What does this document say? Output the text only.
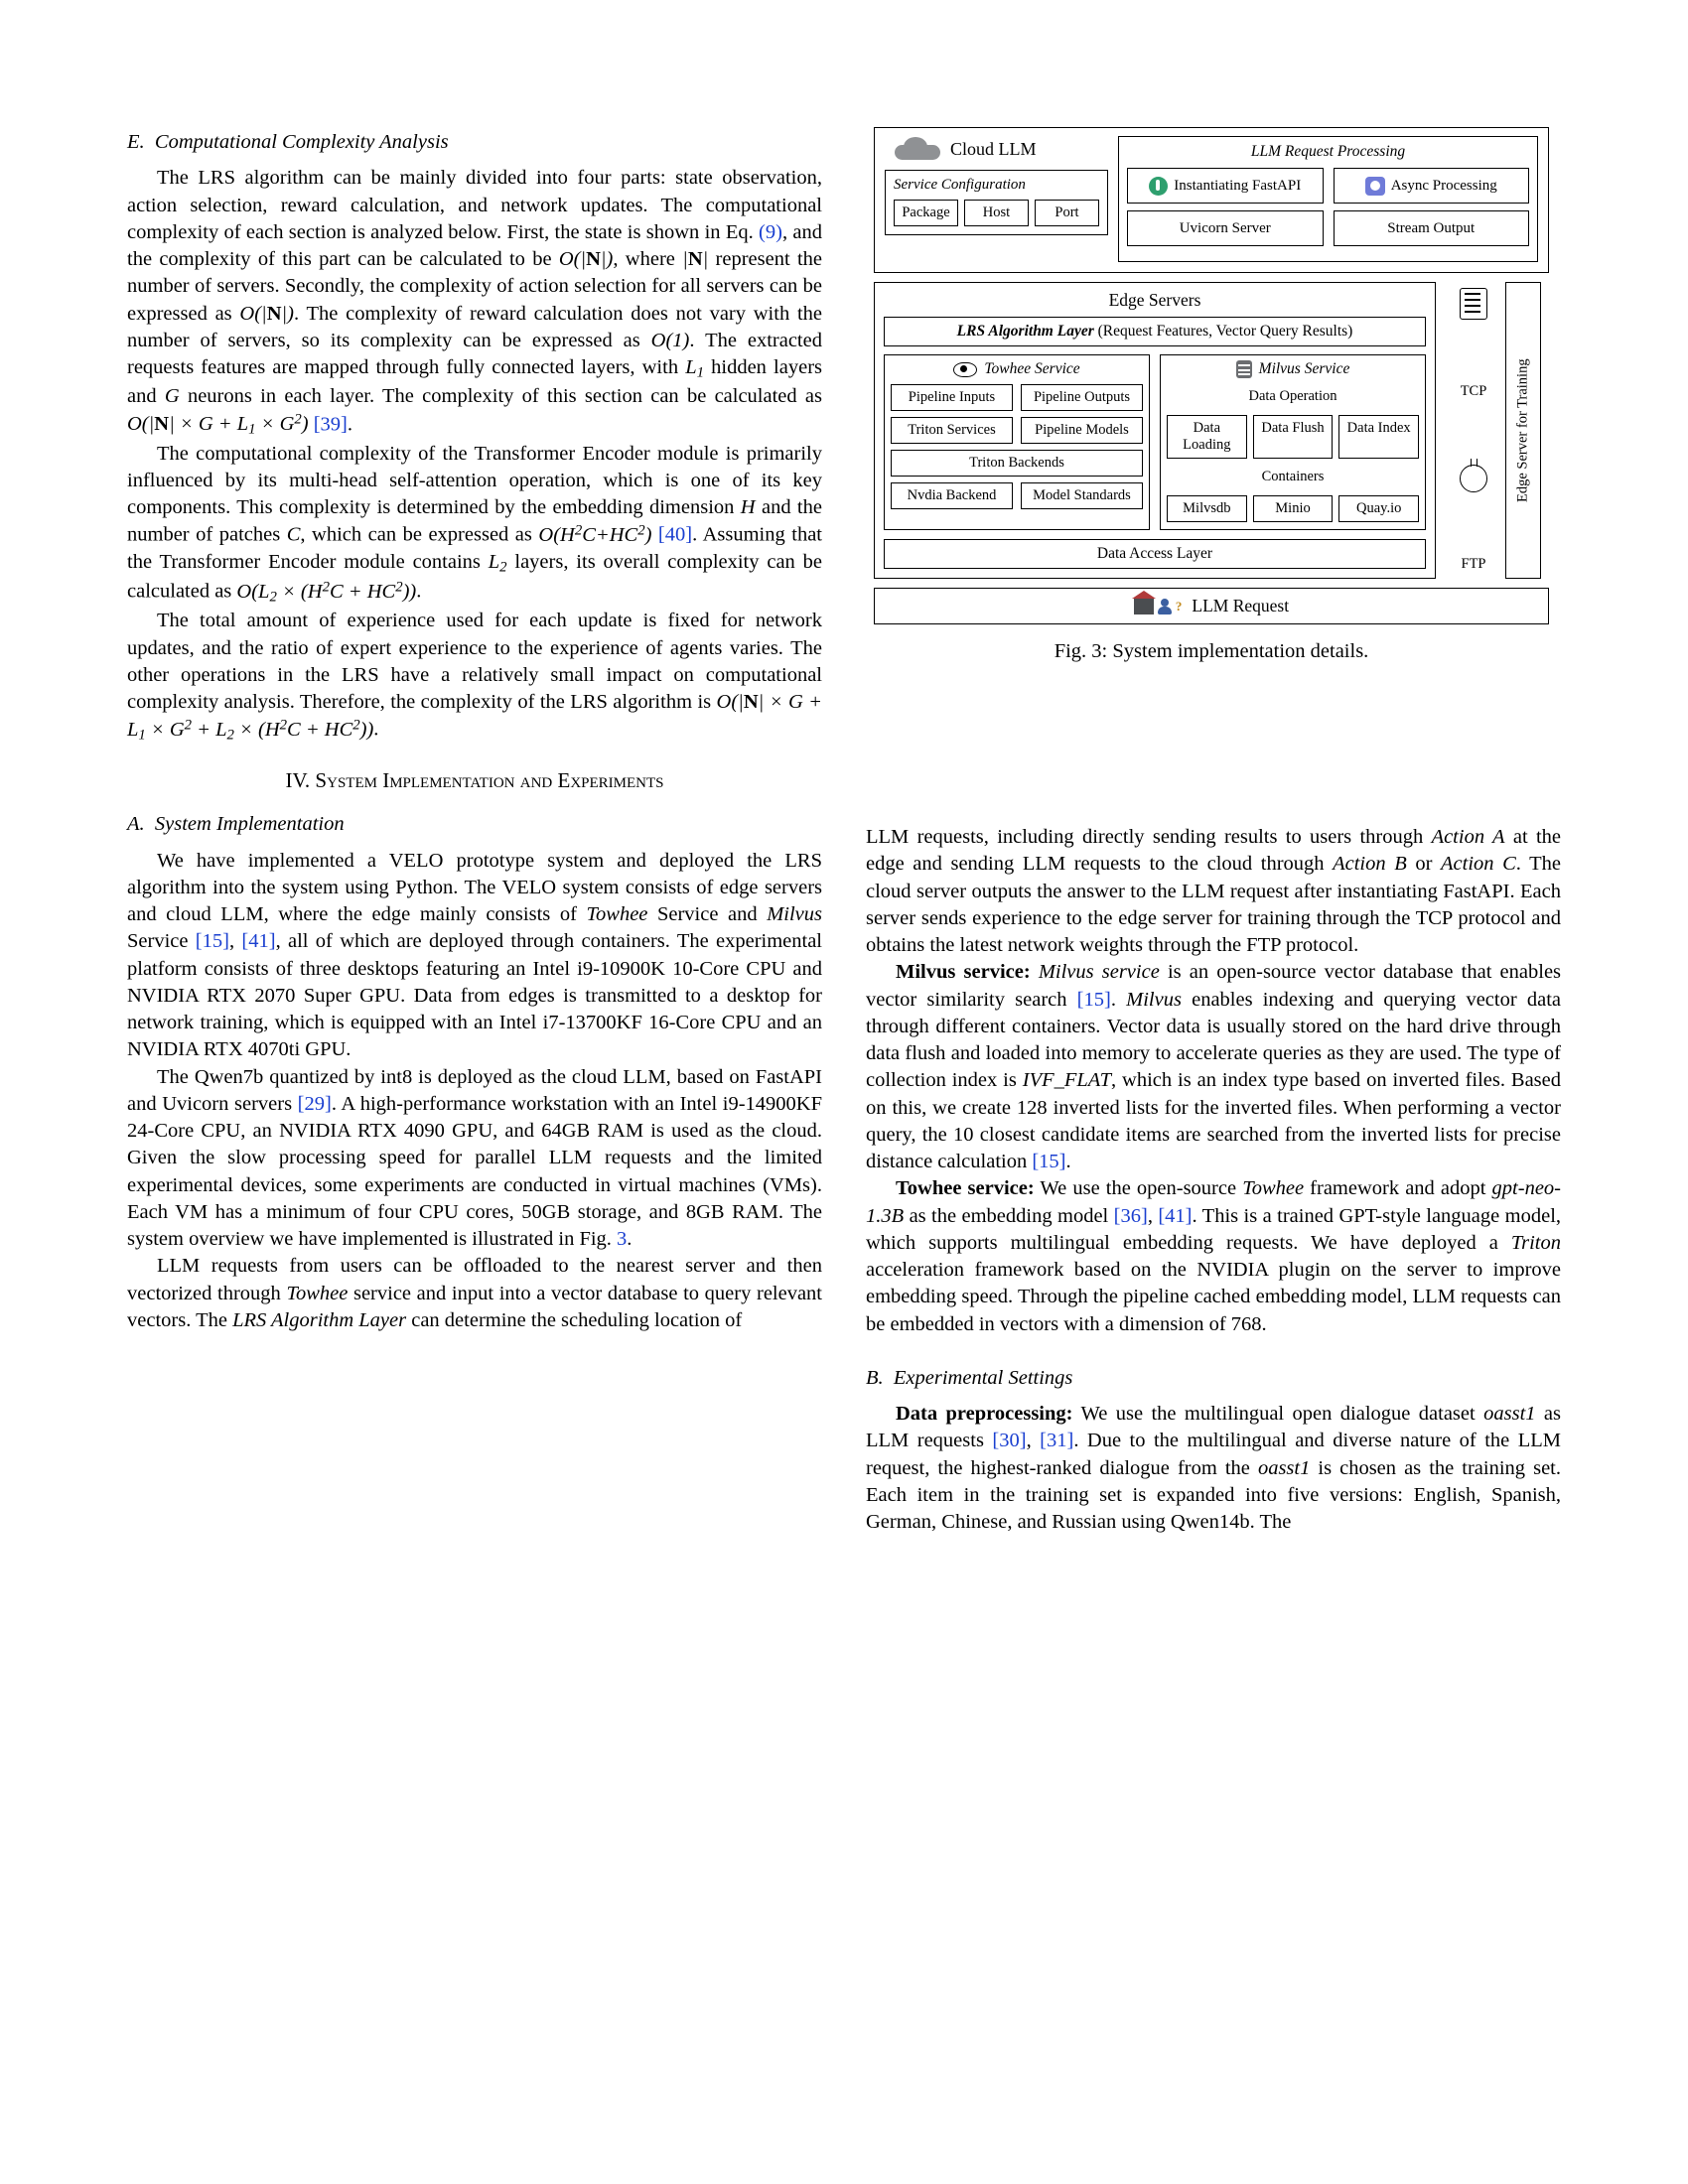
E. Computational Complexity Analysis

The LRS algorithm can be mainly divided into four parts: state observation, action selection, reward calculation, and network updates. The computational complexity of each section is analyzed below. First, the state is shown in Eq. (9), and the complexity of this part can be calculated to be O(|N|), where |N| represent the number of servers. Secondly, the complexity of action selection for all servers can be expressed as O(|N|). The complexity of reward calculation does not vary with the number of servers, so its complexity can be expressed as O(1). The extracted requests features are mapped through fully connected layers, with $L_1$ hidden layers and G neurons in each layer. The complexity of this section can be calculated as $O(|N| \times G + L_1 \times G^2)$ [39].

The computational complexity of the Transformer Encoder module is primarily influenced by its multi-head self-attention operation, which is one of its key components. This complexity is determined by the embedding dimension H and the number of patches C, which can be expressed as $O(H^2C+HC^2)$ [40]. Assuming that the Transformer Encoder module contains $L_2$ layers, its overall complexity can be calculated as $O(L_2 \times (H^2C + HC^2))$.

The total amount of experience used for each update is fixed for network updates, and the ratio of expert experience to the experience of agents varies. The other operations in the LRS have a relatively small impact on computational complexity analysis. Therefore, the complexity of the LRS algorithm is $O(|N| \times G + L_1 \times G^2 + L_2 \times (H^2C + HC^2))$.

IV. System Implementation and Experiments
A. System Implementation

We have implemented a VELO prototype system and deployed the LRS algorithm into the system using Python. The VELO system consists of edge servers and cloud LLM, where the edge mainly consists of Towhee Service and Milvus Service [15], [41], all of which are deployed through containers. The experimental platform consists of three desktops featuring an Intel i9-10900K 10-Core CPU and NVIDIA RTX 2070 Super GPU. Data from edges is transmitted to a desktop for network training, which is equipped with an Intel i7-13700KF 16-Core CPU and an NVIDIA RTX 4070ti GPU.

The Qwen7b quantized by int8 is deployed as the cloud LLM, based on FastAPI and Uvicorn servers [29]. A high-performance workstation with an Intel i9-14900KF 24-Core CPU, an NVIDIA RTX 4090 GPU, and 64GB RAM is used as the cloud. Given the slow processing speed for parallel LLM requests and the limited experimental devices, some experiments are conducted in virtual machines (VMs). Each VM has a minimum of four CPU cores, 50GB storage, and 8GB RAM. The system overview we have implemented is illustrated in Fig. 3.

LLM requests from users can be offloaded to the nearest server and then vectorized through Towhee service and input into a vector database to query relevant vectors. The LRS Algorithm Layer can determine the scheduling location of

Cloud LLM
Service Configuration
Package	Host	Port
LLM Request Processing
Instantiating FastAPI	Async Processing
Uvicorn Server	Stream Output
Edge Servers
LRS Algorithm Layer (Request Features, Vector Query Results)
Towhee Service
Pipeline Inputs	Pipeline Outputs
Triton Services	Pipeline Models
Triton Backends
Nvdia Backend	Model Standards
Milvus Service
Data Operation
Data Loading
Data Flush	Data Index
Containers
Milvsdb	Minio	Quay.io
Data Access Layer
TCP
FTP
Edge Server for Training
? LLM Request
Fig. 3: System implementation details.

LLM requests, including directly sending results to users through Action A at the edge and sending LLM requests to the cloud through Action B or Action C. The cloud server outputs the answer to the LLM request after instantiating FastAPI. Each server sends experience to the edge server for training through the TCP protocol and obtains the latest network weights through the FTP protocol.

Milvus service: Milvus service is an open-source vector database that enables vector similarity search [15]. Milvus enables indexing and querying vector data through different containers. Vector data is usually stored on the hard drive through data flush and loaded into memory to accelerate queries as they are used. The type of collection index is IVF_FLAT, which is an index type based on inverted files. Based on this, we create 128 inverted lists for the inverted files. When performing a vector query, the 10 closest candidate items are searched from the inverted lists for precise distance calculation [15].

Towhee service: We use the open-source Towhee framework and adopt gpt-neo-1.3B as the embedding model [36], [41]. This is a trained GPT-style language model, which supports multilingual embedding requests. We have deployed a Triton acceleration framework based on the NVIDIA plugin on the server to improve embedding speed. Through the pipeline cached embedding model, LLM requests can be embedded in vectors with a dimension of 768.

B. Experimental Settings

Data preprocessing: We use the multilingual open dialogue dataset oasst1 as LLM requests [30], [31]. Due to the multilingual and diverse nature of the LLM request, the highest-ranked dialogue from the oasst1 is chosen as the training set. Each item in the training set is expanded into five versions: English, Spanish, German, Chinese, and Russian using Qwen14b. The
